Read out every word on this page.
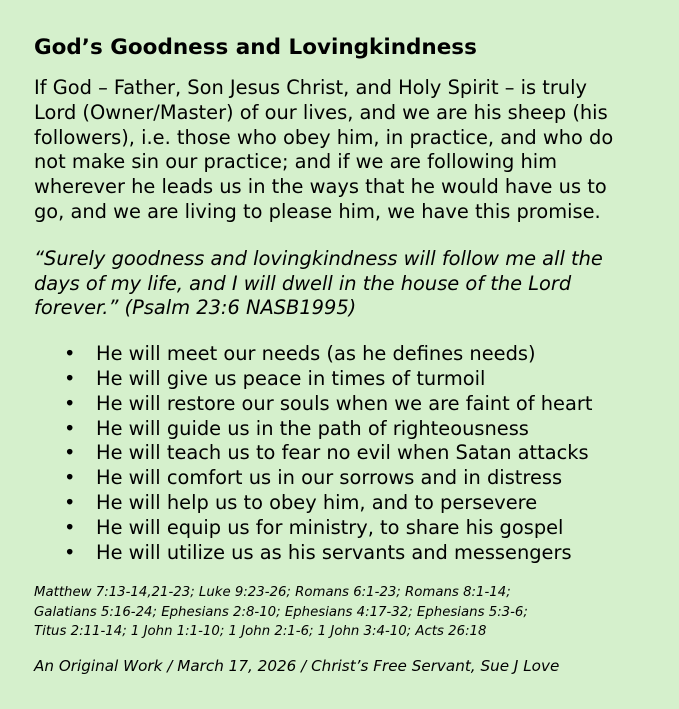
God’s Goodness and Lovingkindness

If God – Father, Son Jesus Christ, and Holy Spirit – is truly
Lord (Owner/Master) of our lives, and we are his sheep (his
followers), i.e. those who obey him, in practice, and who do
not make sin our practice; and if we are following him
wherever he leads us in the ways that he would have us to
go, and we are living to please him, we have this promise.

“Surely goodness and lovingkindness will follow me all the
days of my life, and I will dwell in the house of the Lord
forever.” (Psalm 23:6 NASB1995)

• He will meet our needs (as he defines needs)
• He will give us peace in times of turmoil
• He will restore our souls when we are faint of heart
• He will guide us in the path of righteousness
• He will teach us to fear no evil when Satan attacks
• He will comfort us in our sorrows and in distress
• He will help us to obey him, and to persevere
• He will equip us for ministry, to share his gospel
• He will utilize us as his servants and messengers

Matthew 7:13-14,21-23; Luke 9:23-26; Romans 6:1-23; Romans 8:1-14;
Galatians 5:16-24; Ephesians 2:8-10; Ephesians 4:17-32; Ephesians 5:3-6;
Titus 2:11-14; 1 John 1:1-10; 1 John 2:1-6; 1 John 3:4-10; Acts 26:18

An Original Work / March 17, 2026 / Christ’s Free Servant, Sue J Love
